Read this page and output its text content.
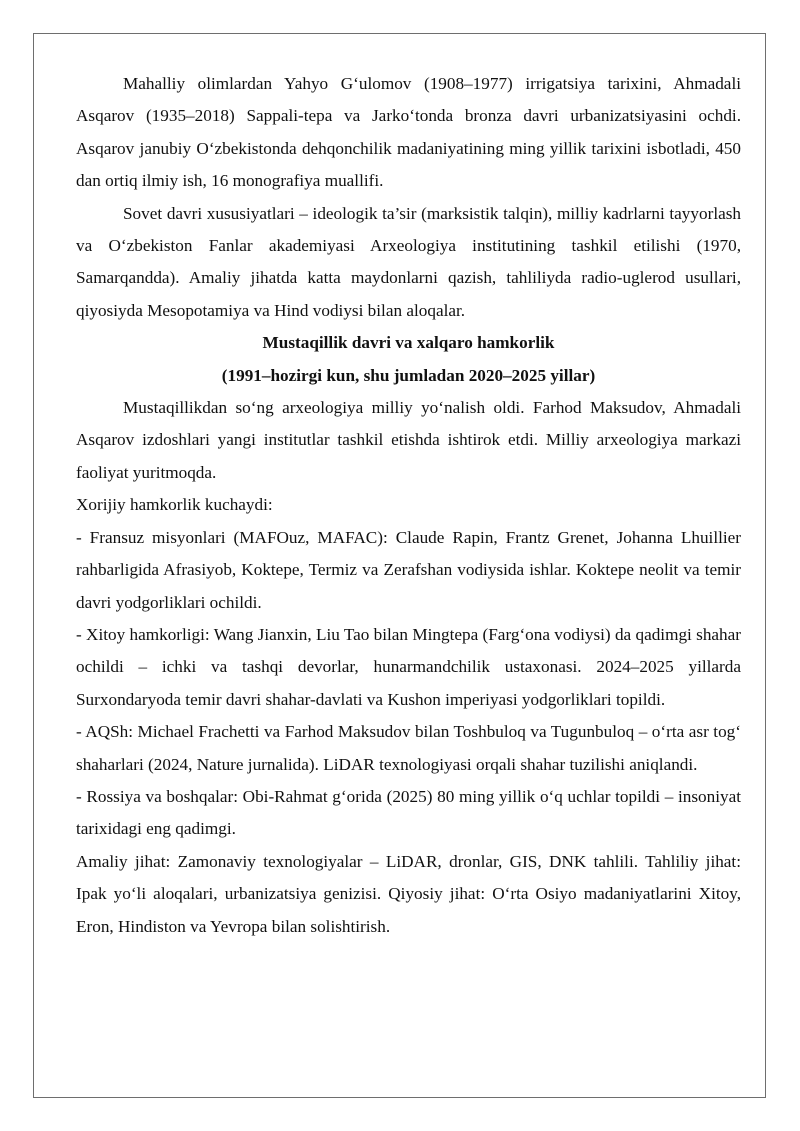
Mahalliy olimlardan Yahyo G‘ulomov (1908–1977) irrigatsiya tarixini, Ahmadali Asqarov (1935–2018) Sappali-tepa va Jarko‘tonda bronza davri urbanizatsiyasini ochdi. Asqarov janubiy O‘zbekistonda dehqonchilik madaniyatining ming yillik tarixini isbotladi, 450 dan ortiq ilmiy ish, 16 monografiya muallifi.

Sovet davri xususiyatlari – ideologik ta’sir (marksistik talqin), milliy kadrlarni tayyorlash va O‘zbekiston Fanlar akademiyasi Arxeologiya institutining tashkil etilishi (1970, Samarqandda). Amaliy jihatda katta maydonlarni qazish, tahliliyda radio-uglerod usullari, qiyosiyda Mesopotamiya va Hind vodiysi bilan aloqalar.

Mustaqillik davri va xalqaro hamkorlik

(1991–hozirgi kun, shu jumladan 2020–2025 yillar)

Mustaqillikdan so‘ng arxeologiya milliy yo‘nalish oldi. Farhod Maksudov, Ahmadali Asqarov izdoshlari yangi institutlar tashkil etishda ishtirok etdi. Milliy arxeologiya markazi faoliyat yuritmoqda.

Xorijiy hamkorlik kuchaydi:

- Fransuz misyonlari (MAFOuz, MAFAC): Claude Rapin, Frantz Grenet, Johanna Lhuillier rahbarligida Afrasiyob, Koktepe, Termiz va Zerafshan vodiysida ishlar. Koktepe neolit va temir davri yodgorliklari ochildi.

- Xitoy hamkorligi: Wang Jianxin, Liu Tao bilan Mingtepa (Farg‘ona vodiysi) da qadimgi shahar ochildi – ichki va tashqi devorlar, hunarmandchilik ustaxonasi. 2024–2025 yillarda Surxondaryoda temir davri shahar-davlati va Kushon imperiyasi yodgorliklari topildi.

- AQSh: Michael Frachetti va Farhod Maksudov bilan Toshbuloq va Tugunbuloq – o‘rta asr tog‘ shaharlari (2024, Nature jurnalida). LiDAR texnologiyasi orqali shahar tuzilishi aniqlandi.

- Rossiya va boshqalar: Obi-Rahmat g‘orida (2025) 80 ming yillik o‘q uchlar topildi – insoniyat tarixidagi eng qadimgi.

Amaliy jihat: Zamonaviy texnologiyalar – LiDAR, dronlar, GIS, DNK tahlili. Tahliliy jihat: Ipak yo‘li aloqalari, urbanizatsiya genizisi. Qiyosiy jihat: O‘rta Osiyo madaniyatlarini Xitoy, Eron, Hindiston va Yevropa bilan solishtirish.
